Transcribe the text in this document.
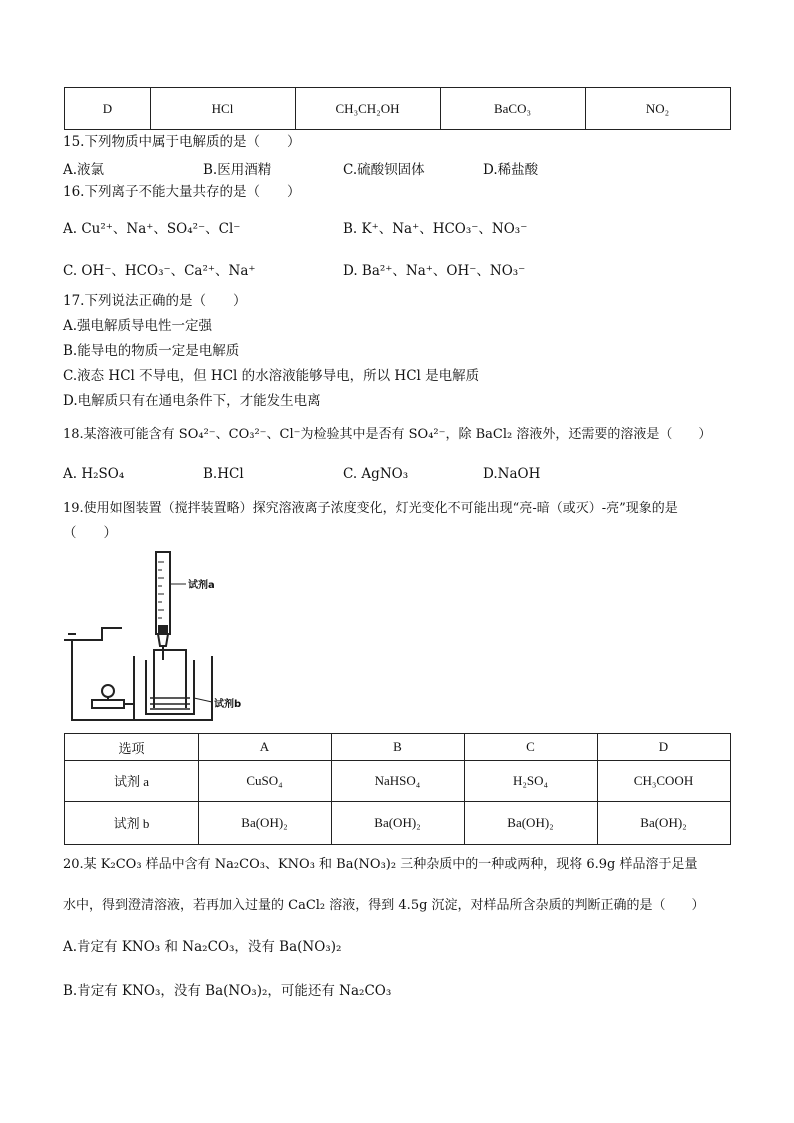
D	HCl	CH₃CH₂OH	BaCO₃	NO₂
15.下列物质中属于电解质的是（　　）
A.液氯	B.医用酒精	C.硫酸钡固体	D.稀盐酸
16.下列离子不能大量共存的是（　　）
A. Cu²⁺、Na⁺、SO₄²⁻、Cl⁻	B. K⁺、Na⁺、HCO₃⁻、NO₃⁻
C. OH⁻、HCO₃⁻、Ca²⁺、Na⁺	D. Ba²⁺、Na⁺、OH⁻、NO₃⁻
17.下列说法正确的是（　　）
A.强电解质导电性一定强
B.能导电的物质一定是电解质
C.液态 HCl 不导电，但 HCl 的水溶液能够导电，所以 HCl 是电解质
D.电解质只有在通电条件下，才能发生电离
18.某溶液可能含有 SO₄²⁻、CO₃²⁻、Cl⁻为检验其中是否有 SO₄²⁻，除 BaCl₂ 溶液外，还需要的溶液是（　　）
A. H₂SO₄	B.HCl	C. AgNO₃	D.NaOH
19.使用如图装置（搅拌装置略）探究溶液离子浓度变化，灯光变化不可能出现“亮-暗（或灭）-亮”现象的是
（　　）
试剂a
试剂b
选项	A	B	C	D
试剂 a	CuSO₄	NaHSO₄	H₂SO₄	CH₃COOH
试剂 b	Ba(OH)₂	Ba(OH)₂	Ba(OH)₂	Ba(OH)₂
20.某 K₂CO₃ 样品中含有 Na₂CO₃、KNO₃ 和 Ba(NO₃)₂ 三种杂质中的一种或两种，现将 6.9g 样品溶于足量
水中，得到澄清溶液，若再加入过量的 CaCl₂ 溶液，得到 4.5g 沉淀，对样品所含杂质的判断正确的是（　　）
A.肯定有 KNO₃ 和 Na₂CO₃，没有 Ba(NO₃)₂
B.肯定有 KNO₃，没有 Ba(NO₃)₂，可能还有 Na₂CO₃
